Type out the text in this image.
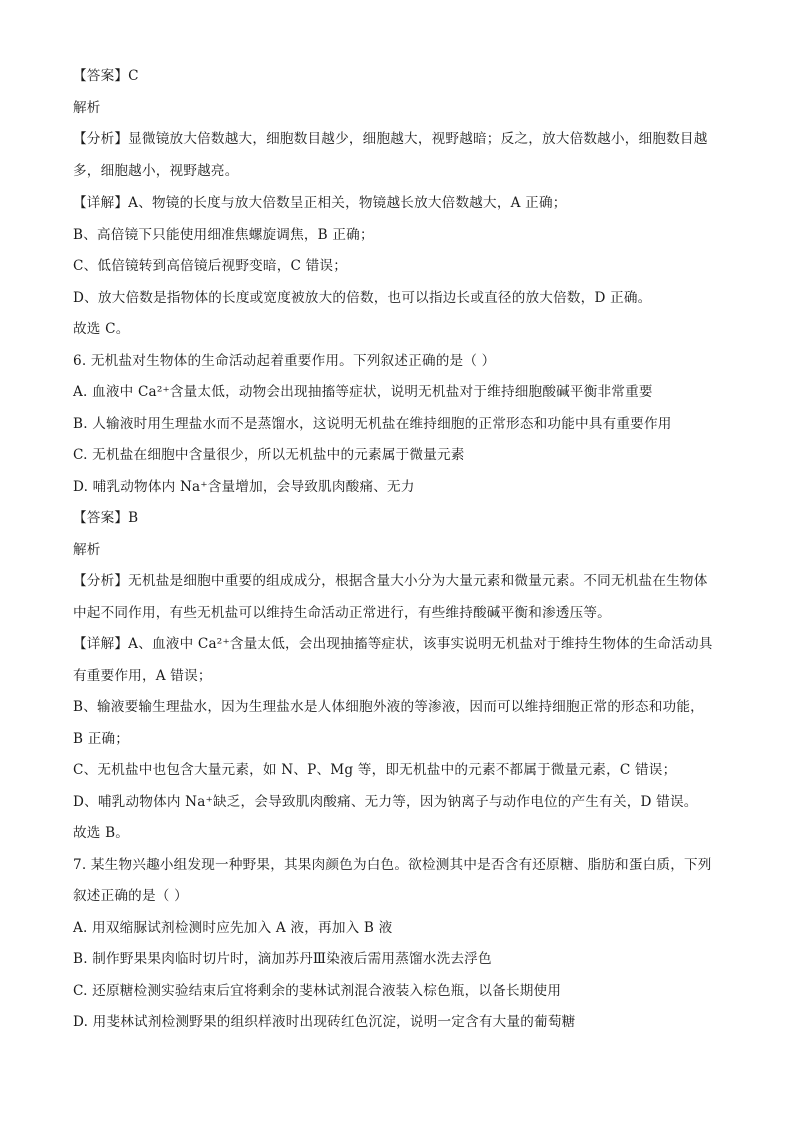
【答案】C
解析
【分析】显微镜放大倍数越大，细胞数目越少，细胞越大，视野越暗；反之，放大倍数越小，细胞数目越
多，细胞越小，视野越亮。
【详解】A、物镜的长度与放大倍数呈正相关，物镜越长放大倍数越大，A 正确；
B、高倍镜下只能使用细准焦螺旋调焦，B 正确；
C、低倍镜转到高倍镜后视野变暗，C 错误；
D、放大倍数是指物体的长度或宽度被放大的倍数，也可以指边长或直径的放大倍数，D 正确。
故选 C。
6. 无机盐对生物体的生命活动起着重要作用。下列叙述正确的是（ ）
A. 血液中 Ca²⁺含量太低，动物会出现抽搐等症状，说明无机盐对于维持细胞酸碱平衡非常重要
B. 人输液时用生理盐水而不是蒸馏水，这说明无机盐在维持细胞的正常形态和功能中具有重要作用
C. 无机盐在细胞中含量很少，所以无机盐中的元素属于微量元素
D. 哺乳动物体内 Na⁺含量增加，会导致肌肉酸痛、无力
【答案】B
解析
【分析】无机盐是细胞中重要的组成成分，根据含量大小分为大量元素和微量元素。不同无机盐在生物体
中起不同作用，有些无机盐可以维持生命活动正常进行，有些维持酸碱平衡和渗透压等。
【详解】A、血液中 Ca²⁺含量太低，会出现抽搐等症状，该事实说明无机盐对于维持生物体的生命活动具
有重要作用，A 错误；
B、输液要输生理盐水，因为生理盐水是人体细胞外液的等渗液，因而可以维持细胞正常的形态和功能，
B 正确；
C、无机盐中也包含大量元素，如 N、P、Mg 等，即无机盐中的元素不都属于微量元素，C 错误；
D、哺乳动物体内 Na⁺缺乏，会导致肌肉酸痛、无力等，因为钠离子与动作电位的产生有关，D 错误。
故选 B。
7. 某生物兴趣小组发现一种野果，其果肉颜色为白色。欲检测其中是否含有还原糖、脂肪和蛋白质，下列
叙述正确的是（ ）
A. 用双缩脲试剂检测时应先加入 A 液，再加入 B 液
B. 制作野果果肉临时切片时，滴加苏丹Ⅲ染液后需用蒸馏水洗去浮色
C. 还原糖检测实验结束后宜将剩余的斐林试剂混合液装入棕色瓶，以备长期使用
D. 用斐林试剂检测野果的组织样液时出现砖红色沉淀，说明一定含有大量的葡萄糖
